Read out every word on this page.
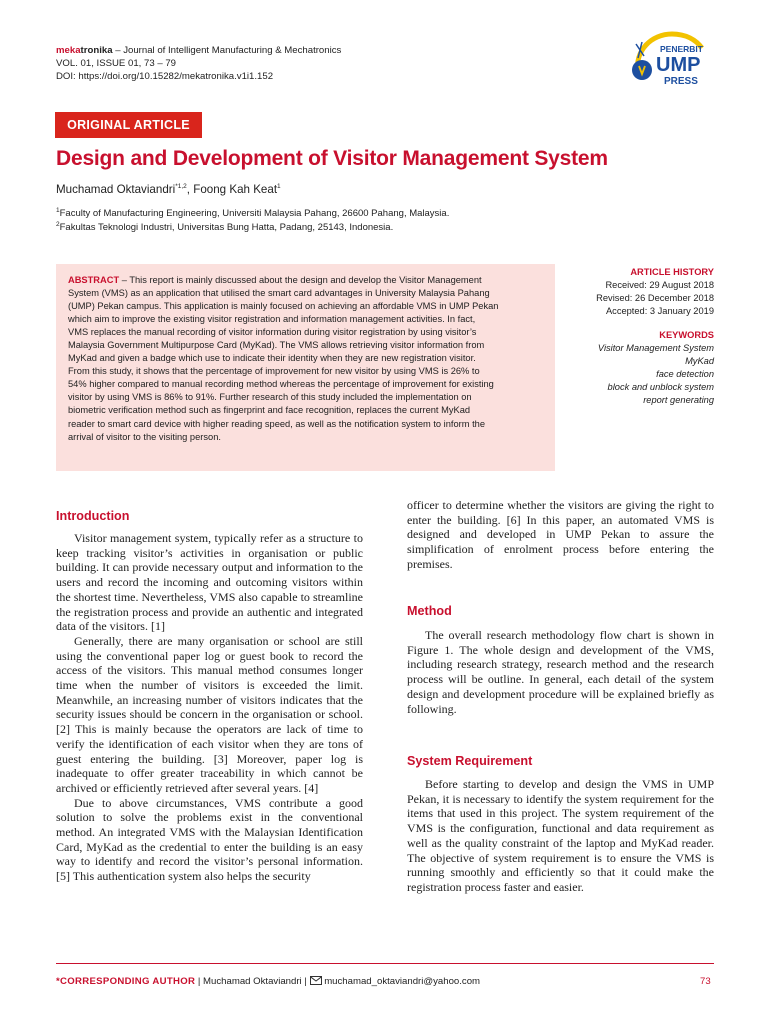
mekatronika – Journal of Intelligent Manufacturing & Mechatronics
VOL. 01, ISSUE 01, 73 – 79
DOI: https://doi.org/10.15282/mekatronika.v1i1.152
PENERBIT
UMP
PRESS
ORIGINAL ARTICLE
Design and Development of Visitor Management System
Muchamad Oktaviandri$^{*1,2}$, Foong Kah Keat$^1$
$^1$Faculty of Manufacturing Engineering, Universiti Malaysia Pahang, 26600 Pahang, Malaysia.
$^2$Fakultas Teknologi Industri, Universitas Bung Hatta, Padang, 25143, Indonesia.
ABSTRACT – This report is mainly discussed about the design and develop the Visitor Management
System (VMS) as an application that utilised the smart card advantages in University Malaysia Pahang
(UMP) Pekan campus. This application is mainly focused on achieving an affordable VMS in UMP Pekan
which aim to improve the existing visitor registration and information management activities. In fact,
VMS replaces the manual recording of visitor information during visitor registration by using visitor’s
Malaysia Government Multipurpose Card (MyKad). The VMS allows retrieving visitor information from
MyKad and given a badge which use to indicate their identity when they are new registration visitor.
From this study, it shows that the percentage of improvement for new visitor by using VMS is 26% to
54% higher compared to manual recording method whereas the percentage of improvement for existing
visitor by using VMS is 86% to 91%. Further research of this study included the implementation on
biometric verification method such as fingerprint and face recognition, replaces the current MyKad
reader to smart card device with higher reading speed, as well as the notification system to inform the
arrival of visitor to the visiting person.
ARTICLE HISTORY
Received: 29 August 2018
Revised: 26 December 2018
Accepted: 3 January 2019
KEYWORDS
Visitor Management System
MyKad
face detection
block and unblock system
report generating
Introduction

Visitor management system, typically refer as a structure to keep tracking visitor’s activities in organisation or public building. It can provide necessary output and information to the users and record the incoming and outcoming visitors within the shortest time. Nevertheless, VMS also capable to streamline the registration process and provide an authentic and integrated data of the visitors. [1]

Generally, there are many organisation or school are still using the conventional paper log or guest book to record the access of the visitors. This manual method consumes longer time when the number of visitors is exceeded the limit. Meanwhile, an increasing number of visitors indicates that the security issues should be concern in the organisation or school. [2] This is mainly because the operators are lack of time to verify the identification of each visitor when they are tons of guest entering the building. [3] Moreover, paper log is inadequate to offer greater traceability in which cannot be archived or efficiently retrieved after several years. [4]

Due to above circumstances, VMS contribute a good solution to solve the problems exist in the conventional method. An integrated VMS with the Malaysian Identification Card, MyKad as the credential to enter the building is an easy way to identify and record the visitor’s personal information. [5] This authentication system also helps the security

officer to determine whether the visitors are giving the right to enter the building. [6] In this paper, an automated VMS is designed and developed in UMP Pekan to assure the simplification of enrolment process before entering the premises.

Method

The overall research methodology flow chart is shown in Figure 1. The whole design and development of the VMS, including research strategy, research method and the research process will be outline. In general, each detail of the system design and development procedure will be explained briefly as following.

System Requirement

Before starting to develop and design the VMS in UMP Pekan, it is necessary to identify the system requirement for the items that used in this project. The system requirement of the VMS is the configuration, functional and data requirement as well as the quality constraint of the laptop and MyKad reader. The objective of system requirement is to ensure the VMS is running smoothly and efficiently so that it could make the registration process faster and easier.

*CORRESPONDING AUTHOR | Muchamad Oktaviandri |  muchamad_oktaviandri@yahoo.com	73
